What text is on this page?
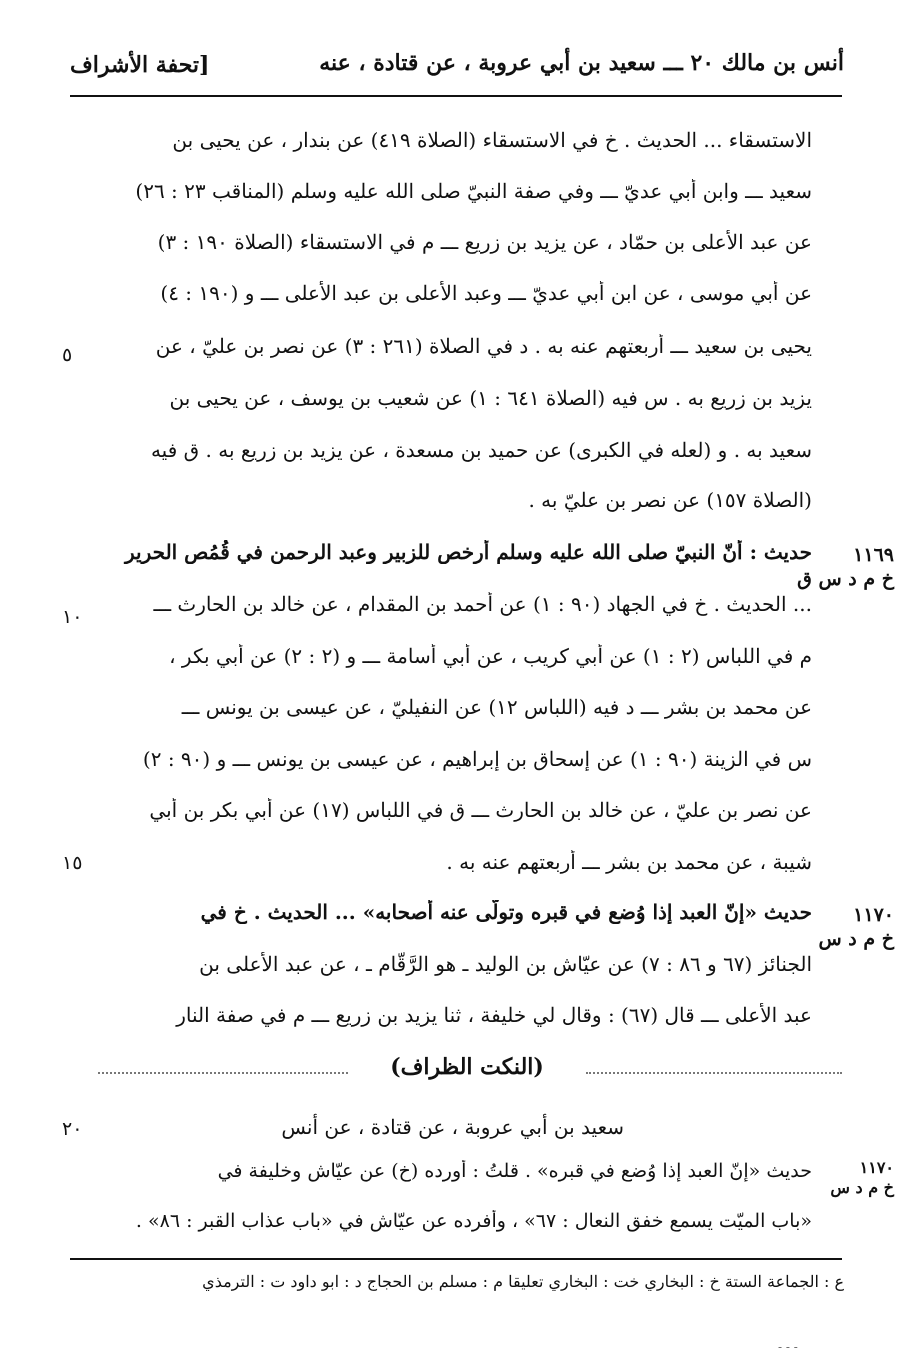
أنس بن مالك ٢٠ ـــ سعيد بن أبي عروبة ، عن قتادة ، عنه
[تحفة الأشراف
الاستسقاء ... الحديث . خ في الاستسقاء (الصلاة ٤١٩) عن بندار ، عن يحيى بن
سعيد ـــ وابن أبي عديّ ـــ وفي صفة النبيّ صلى الله عليه وسلم (المناقب ٢٣ : ٢٦)
عن عبد الأعلى بن حمّاد ، عن يزيد بن زريع ـــ م في الاستسقاء (الصلاة ١٩٠ : ٣)
عن أبي موسى ، عن ابن أبي عديّ ـــ وعبد الأعلى بن عبد الأعلى ـــ و (١٩٠ : ٤)
يحيى بن سعيد ـــ أربعتهم عنه به . د في الصلاة (٢٦١ : ٣) عن نصر بن عليّ ، عن
يزيد بن زريع به . س فيه (الصلاة ٦٤١ : ١) عن شعيب بن يوسف ، عن يحيى بن
سعيد به . و (لعله في الكبرى) عن حميد بن مسعدة ، عن يزيد بن زريع به . ق فيه
(الصلاة ١٥٧) عن نصر بن عليّ به .
حديث : أنّ النبيّ صلى الله عليه وسلم أرخص للزبير وعبد الرحمن في قُمُص الحرير
... الحديث . خ في الجهاد (٩٠ : ١) عن أحمد بن المقدام ، عن خالد بن الحارث ـــ
م في اللباس (٢ : ١) عن أبي كريب ، عن أبي أسامة ـــ و (٢ : ٢) عن أبي بكر ،
عن محمد بن بشر ـــ د فيه (اللباس ١٢) عن النفيليّ ، عن عيسى بن يونس ـــ
س في الزينة (٩٠ : ١) عن إسحاق بن إبراهيم ، عن عيسى بن يونس ـــ و (٩٠ : ٢)
عن نصر بن عليّ ، عن خالد بن الحارث ـــ ق في اللباس (١٧) عن أبي بكر بن أبي
شيبة ، عن محمد بن بشر ـــ أربعتهم عنه به .
حديث «إنّ العبد إذا وُضع في قبره وتولّى عنه أصحابه» ... الحديث . خ في
الجنائز (٦٧ و ٨٦ : ٧) عن عيّاش بن الوليد ـ هو الرَّقّام ـ ، عن عبد الأعلى بن
عبد الأعلى ـــ قال (٦٧) : وقال لي خليفة ، ثنا يزيد بن زريع ـــ م في صفة النار
١١٦٩
خ م د س ق
١١٧٠
خ م د س
٥
١٠
١٥
٢٠
(النكت الظراف)
سعيد بن أبي عروبة ، عن قتادة ، عن أنس
١١٧٠
خ م د س
حديث «إنّ العبد إذا وُضع في قبره» . قلتُ : أورده (خ) عن عيّاش وخليفة في
«باب الميّت يسمع خفق النعال : ٦٧» ، وأفرده عن عيّاش في «باب عذاب القبر : ٨٦» .
ع : الجماعة الستة خ : البخاري خت : البخاري تعليقا م : مسلم بن الحجاج د : ابو داود ت : الترمذي
- - -
